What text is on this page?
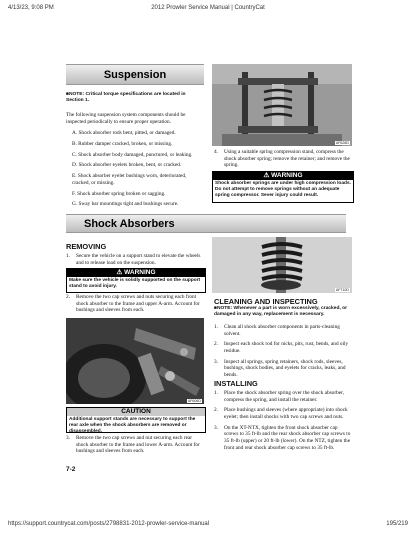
4/13/23, 9:08 PM	2012 Prowler Service Manual | CountryCat
https://support.countrycat.com/posts/2798831-2012-prowler-service-manual	195/219
Suspension
■NOTE: Critical torque specifications are located in Section 1.
The following suspension system components should be inspected periodically to ensure proper operation.
A. Shock absorber rods bent, pitted, or damaged.
B. Rubber damper cracked, broken, or missing.
C. Shock absorber body damaged, punctured, or leaking.
D. Shock absorber eyelets broken, bent, or cracked.
E. Shock absorber eyelet bushings worn, deteriorated, cracked, or missing.
F. Shock absorber spring broken or sagging.
G. Sway bar mountings tight and bushings secure.
Shock Absorbers
REMOVING
1.	Secure the vehicle on a support stand to elevate the wheels and to release load on the suspension.
⚠ WARNING
Make sure the vehicle is solidly supported on the support stand to avoid injury.
2.	Remove the two cap screws and nuts securing each front shock absorber to the frame and upper A-arm. Account for bushings and sleeves from each.
AF606D
CAUTION
Additional support stands are necessary to support the rear axle when the shock absorbers are removed or disassembled.
3.	Remove the two cap screws and nut securing each rear shock absorber to the frame and lower A-arm. Account for bushings and sleeves from each.
7-2
AF628D
4.	Using a suitable spring compression stand, compress the shock absorber spring; remove the retainer; and remove the spring.
⚠ WARNING
Shock absorber springs are under high compression loads. Do not attempt to remove springs without an adequate spring compressor. Sever injury could result.
AF710D
CLEANING AND INSPECTING
■NOTE: Whenever a part is worn excessively, cracked, or damaged in any way, replacement is necessary.
1.	Clean all shock absorber components in parts-cleaning solvent.
2.	Inspect each shock rod for nicks, pits, rust, bends, and oily residue.
3.	Inspect all springs, spring retainers, shock rods, sleeves, bushings, shock bodies, and eyelets for cracks, leaks, and bends.
INSTALLING
1.	Place the shock absorber spring over the shock absorber, compress the spring, and install the retainer.
2.	Place bushings and sleeves (where appropriate) into shock eyelet; then install shocks with two cap screws and nuts.
3.	On the XT-NTX, tighten the front shock absorber cap screws to 35 ft-lb and the rear shock absorber cap screws to 35 ft-lb (upper) or 20 ft-lb (lower). On the NTZ, tighten the front and rear shock absorber cap screws to 35 ft-lb.
